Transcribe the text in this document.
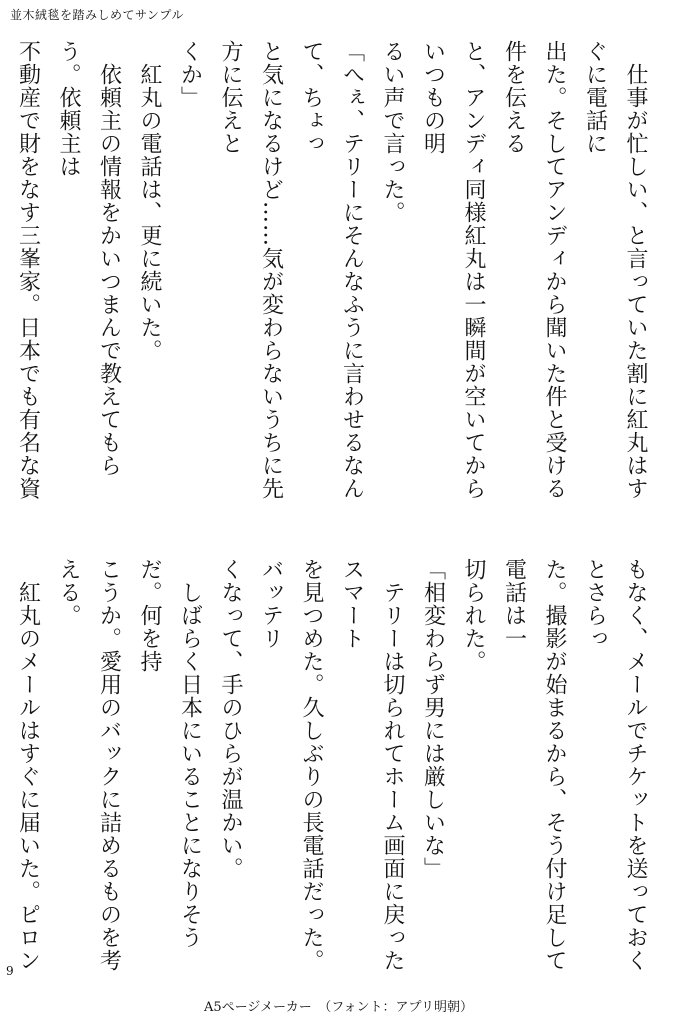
並木絨毯を踏みしめてサンプル

　仕事が忙しい、と言っていた割に紅丸はすぐに電話に

出た。そしてアンディから聞いた件と受ける件を伝える

と、アンディ同様紅丸は一瞬間が空いてからいつもの明

るい声で言った。

「へぇ、テリーにそんなふうに言わせるなんて、ちょっ

と気になるけど……気が変わらないうちに先方に伝えと

くか」

　紅丸の電話は、更に続いた。

　依頼主の情報をかいつまんで教えてもらう。依頼主は

不動産で財をなす三峯家。日本でも有名な資

もなく、メールでチケットを送っておくとさらっ

た。撮影が始まるから、そう付け足して電話は一

切られた。

「相変わらず男には厳しいな」

　テリーは切られてホーム画面に戻ったスマート

を見つめた。久しぶりの長電話だった。バッテリ

くなって、手のひらが温かい。

　しばらく日本にいることになりそうだ。何を持

こうか。愛用のバックに詰めるものを考える。

　紅丸のメールはすぐに届いた。ピロン

9
A5ページメーカー　（フォント：アプリ明朝）
